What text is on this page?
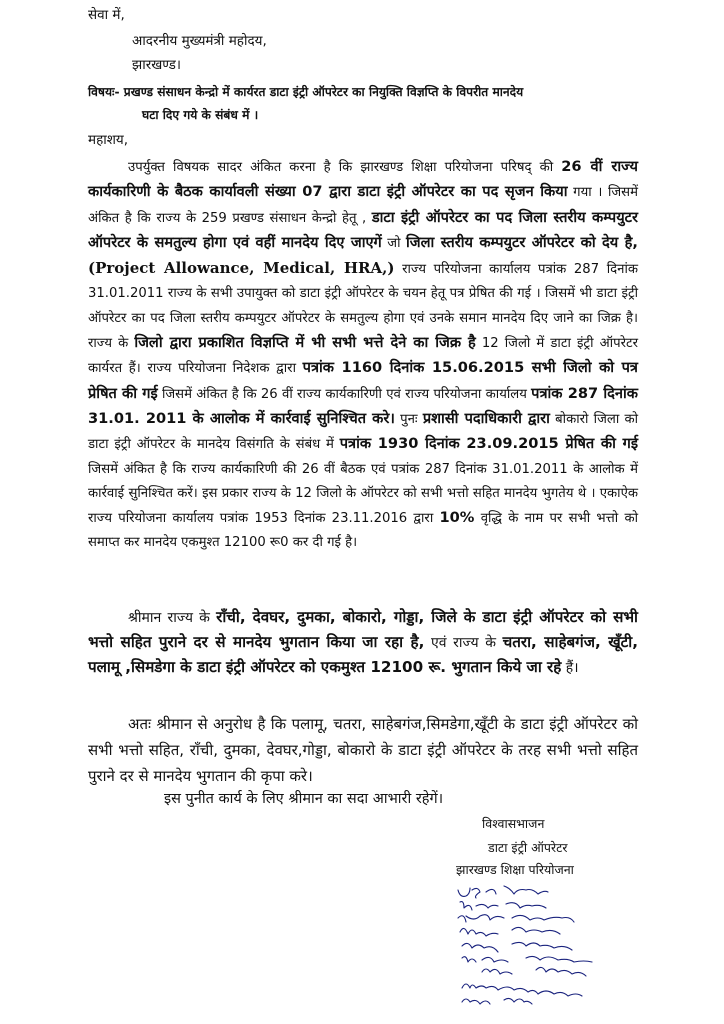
सेवा में,
आदरनीय मुख्यमंत्री महोदय,
झारखण्ड।
विषयः- प्रखण्ड संसाधन केन्द्रो में कार्यरत डाटा इंट्री ऑपरेटर का नियुक्ति विज्ञप्ति के विपरीत मानदेय
घटा दिए गये के संबंध में ।
महाशय,
उपर्युक्त विषयक सादर अंकित करना है कि झारखण्ड शिक्षा परियोजना परिषद् की 26 वीं राज्य कार्यकारिणी के बैठक कार्यावली संख्या 07 द्वारा डाटा इंट्री ऑपरेटर का पद सृजन किया गया । जिसमें अंकित है कि राज्य के 259 प्रखण्ड संसाधन केन्द्रो हेतू , डाटा इंट्री ऑपरेटर का पद जिला स्तरीय कम्पयुटर ऑपरेटर के समतुल्य होगा एवं वहीं मानदेय दिए जाएगें जो जिला स्तरीय कम्पयुटर ऑपरेटर को देय है, (Project Allowance, Medical, HRA,) राज्य परियोजना कार्यालय पत्रांक 287 दिनांक 31.01.2011 राज्य के सभी उपायुक्त को डाटा इंट्री ऑपरेटर के चयन हेतू पत्र प्रेषित की गई । जिसमें भी डाटा इंट्री ऑपरेटर का पद जिला स्तरीय कम्पयुटर ऑपरेटर के समतुल्य होगा एवं उनके समान मानदेय दिए जाने का जिक्र है। राज्य के जिलो द्वारा प्रकाशित विज्ञप्ति में भी सभी भत्ते देने का जिक्र है 12 जिलो में डाटा इंट्री ऑपरेटर कार्यरत हैं। राज्य परियोजना निदेशक द्वारा पत्रांक 1160 दिनांक 15.06.2015 सभी जिलो को पत्र प्रेषित की गई जिसमें अंकित है कि 26 वीं राज्य कार्यकारिणी एवं राज्य परियोजना कार्यालय पत्रांक 287 दिनांक 31.01. 2011 के आलोक में कार्रवाई सुनिश्चित करे। पुनः प्रशासी पदाधिकारी द्वारा बोकारो जिला को डाटा इंट्री ऑपरेटर के मानदेय विसंगति के संबंध में पत्रांक 1930 दिनांक 23.09.2015 प्रेषित की गई जिसमें अंकित है कि राज्य कार्यकारिणी की 26 वीं बैठक एवं पत्रांक 287 दिनांक 31.01.2011 के आलोक में कार्रवाई सुनिश्चित करें। इस प्रकार राज्य के 12 जिलो के ऑपरेटर को सभी भत्तो सहित मानदेय भुगतेय थे । एकाऐक राज्य परियोजना कार्यालय पत्रांक 1953 दिनांक 23.11.2016 द्वारा 10% वृद्धि के नाम पर सभी भत्तो को समाप्त कर मानदेय एकमुश्त 12100 रू0 कर दी गई है।
श्रीमान राज्य के राँची, देवघर, दुमका, बोकारो, गोड्डा, जिले के डाटा इंट्री ऑपरेटर को सभी भत्तो सहित पुराने दर से मानदेय भुगतान किया जा रहा है, एवं राज्य के चतरा, साहेबगंज, खूँटी, पलामू ,सिमडेगा के डाटा इंट्री ऑपरेटर को एकमुश्त 12100 रू. भुगतान किये जा रहे हैं।
अतः श्रीमान से अनुरोध है कि पलामू, चतरा, साहेबगंज,सिमडेगा,खूँटी के डाटा इंट्री ऑपरेटर को सभी भत्तो सहित, राँची, दुमका, देवघर,गोड्डा, बोकारो के डाटा इंट्री ऑपरेटर के तरह सभी भत्तो सहित पुराने दर से मानदेय भुगतान की कृपा करे।
इस पुनीत कार्य के लिए श्रीमान का सदा आभारी रहेगें।
विश्वासभाजन
डाटा इंट्री ऑपरेटर
झारखण्ड शिक्षा परियोजना
